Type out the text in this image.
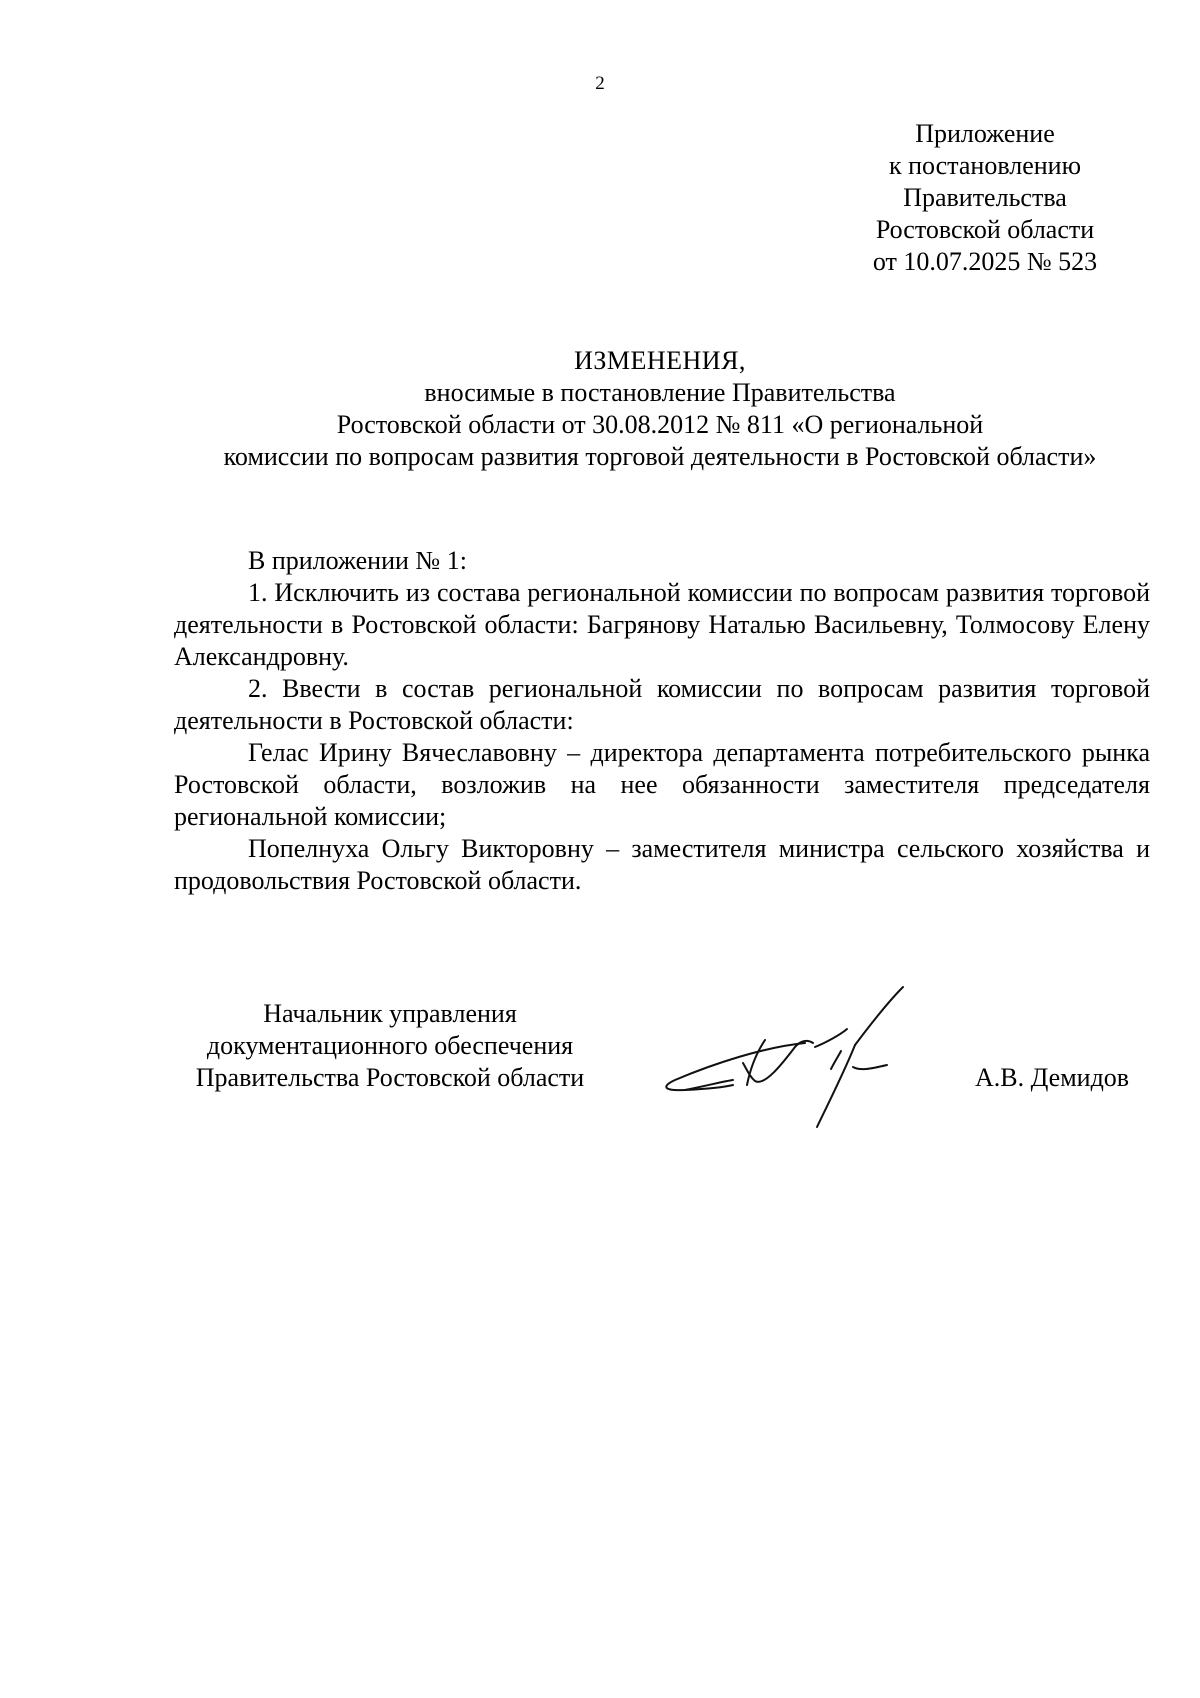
2
Приложение
к постановлению
Правительства
Ростовской области
от 10.07.2025 № 523
ИЗМЕНЕНИЯ,
вносимые в постановление Правительства
Ростовской области от 30.08.2012 № 811 «О региональной
комиссии по вопросам развития торговой деятельности в Ростовской области»

В приложении № 1:

1. Исключить из состава региональной комиссии по вопросам развития торговой деятельности в Ростовской области: Багрянову Наталью Васильевну, Толмосову Елену Александровну.

2. Ввести в состав региональной комиссии по вопросам развития торговой деятельности в Ростовской области:

Гелас Ирину Вячеславовну – директора департамента потребительского рынка Ростовской области, возложив на нее обязанности заместителя председателя региональной комиссии;

Попелнуха Ольгу Викторовну – заместителя министра сельского хозяйства и продовольствия Ростовской области.

Начальник управления
документационного обеспечения
Правительства Ростовской области	А.В. Демидов
